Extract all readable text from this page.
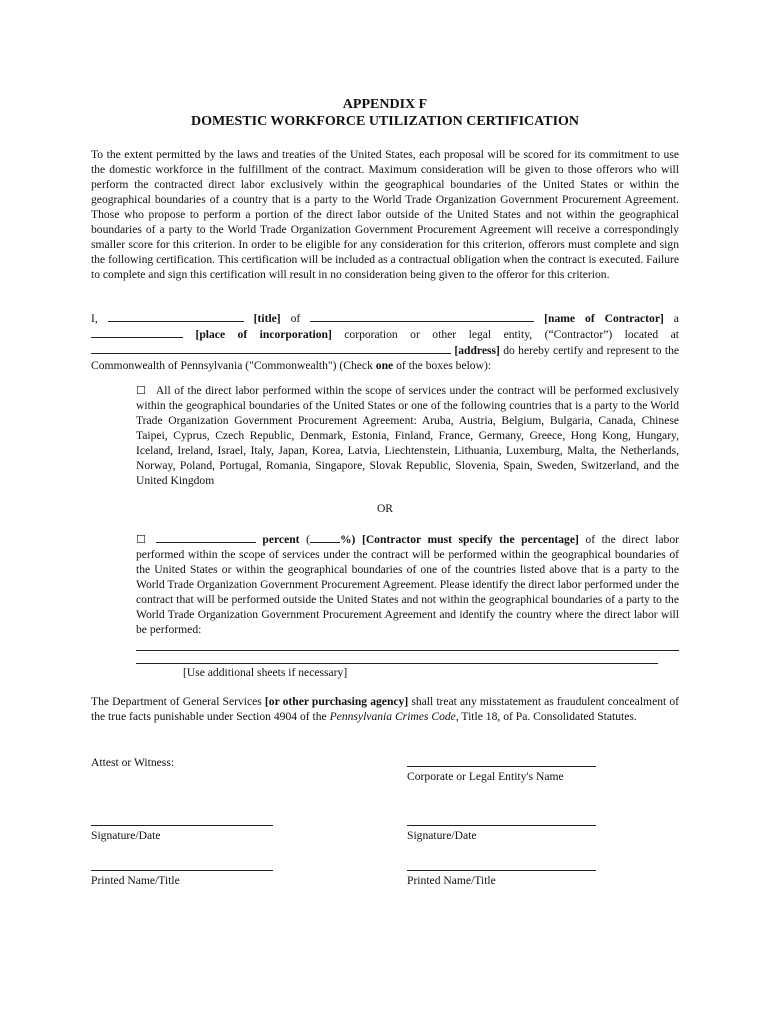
APPENDIX F
DOMESTIC WORKFORCE UTILIZATION CERTIFICATION

To the extent permitted by the laws and treaties of the United States, each proposal will be scored for its commitment to use the domestic workforce in the fulfillment of the contract. Maximum consideration will be given to those offerors who will perform the contracted direct labor exclusively within the geographical boundaries of the United States or within the geographical boundaries of a country that is a party to the World Trade Organization Government Procurement Agreement. Those who propose to perform a portion of the direct labor outside of the United States and not within the geographical boundaries of a party to the World Trade Organization Government Procurement Agreement will receive a correspondingly smaller score for this criterion. In order to be eligible for any consideration for this criterion, offerors must complete and sign the following certification. This certification will be included as a contractual obligation when the contract is executed. Failure to complete and sign this certification will result in no consideration being given to the offeror for this criterion.

I,	[title] of	[name of Contractor] a  [place of incorporation] corporation or other legal entity, (“Contractor”) located at  [address] do hereby certify and represent to the Commonwealth of Pennsylvania ("Commonwealth") (Check one of the boxes below):

☐ All of the direct labor performed within the scope of services under the contract will be performed exclusively within the geographical boundaries of the United States or one of the following countries that is a party to the World Trade Organization Government Procurement Agreement: Aruba, Austria, Belgium, Bulgaria, Canada, Chinese Taipei, Cyprus, Czech Republic, Denmark, Estonia, Finland, France, Germany, Greece, Hong Kong, Hungary, Iceland, Ireland, Israel, Italy, Japan, Korea, Latvia, Liechtenstein, Lithuania, Luxemburg, Malta, the Netherlands, Norway, Poland, Portugal, Romania, Singapore, Slovak Republic, Slovenia, Spain, Sweden, Switzerland, and the United Kingdom

OR

☐	percent (	%) [Contractor must specify the percentage] of the direct labor performed within the scope of services under the contract will be performed within the geographical boundaries of the United States or within the geographical boundaries of one of the countries listed above that is a party to the World Trade Organization Government Procurement Agreement. Please identify the direct labor performed under the contract that will be performed outside the United States and not within the geographical boundaries of a party to the World Trade Organization Government Procurement Agreement and identify the country where the direct labor will be performed:

[Use additional sheets if necessary]

The Department of General Services [or other purchasing agency] shall treat any misstatement as fraudulent concealment of the true facts punishable under Section 4904 of the Pennsylvania Crimes Code, Title 18, of Pa. Consolidated Statutes.

Attest or Witness:
Corporate or Legal Entity's Name
Signature/Date	Signature/Date
Printed Name/Title	Printed Name/Title
